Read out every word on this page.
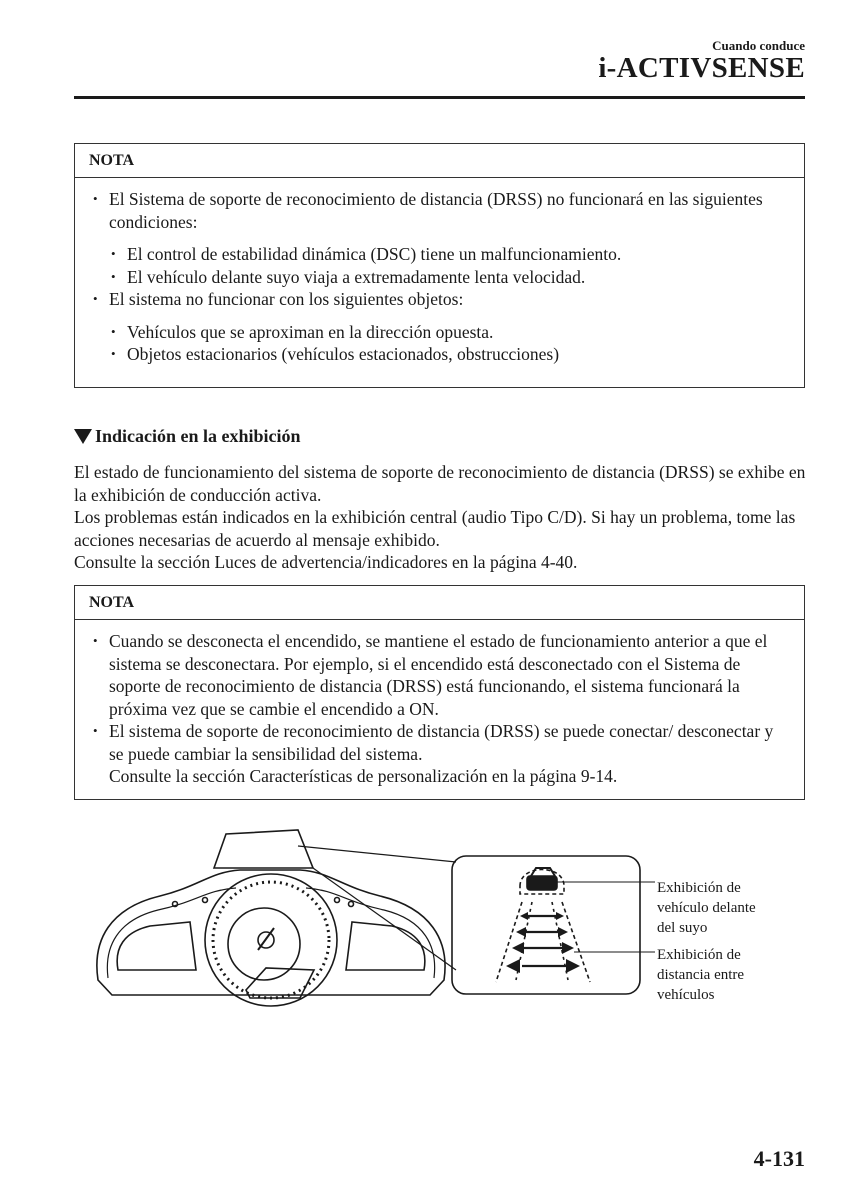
Cuando conduce
i-ACTIVSENSE
NOTA
• El Sistema de soporte de reconocimiento de distancia (DRSS) no funcionará en las siguientes condiciones:
• El control de estabilidad dinámica (DSC) tiene un malfuncionamiento.
• El vehículo delante suyo viaja a extremadamente lenta velocidad.
• El sistema no funcionar con los siguientes objetos:
• Vehículos que se aproximan en la dirección opuesta.
• Objetos estacionarios (vehículos estacionados, obstrucciones)
Indicación en la exhibición
El estado de funcionamiento del sistema de soporte de reconocimiento de distancia (DRSS) se exhibe en la exhibición de conducción activa.
Los problemas están indicados en la exhibición central (audio Tipo C/D). Si hay un problema, tome las acciones necesarias de acuerdo al mensaje exhibido.
Consulte la sección Luces de advertencia/indicadores en la página 4-40.
NOTA
• Cuando se desconecta el encendido, se mantiene el estado de funcionamiento anterior a que el sistema se desconectara. Por ejemplo, si el encendido está desconectado con el Sistema de soporte de reconocimiento de distancia (DRSS) está funcionando, el sistema funcionará la próxima vez que se cambie el encendido a ON.
• El sistema de soporte de reconocimiento de distancia (DRSS) se puede conectar/ desconectar y se puede cambiar la sensibilidad del sistema.
Consulte la sección Características de personalización en la página 9-14.
Exhibición de
vehículo delante
del suyo
Exhibición de
distancia entre
vehículos
4-131
